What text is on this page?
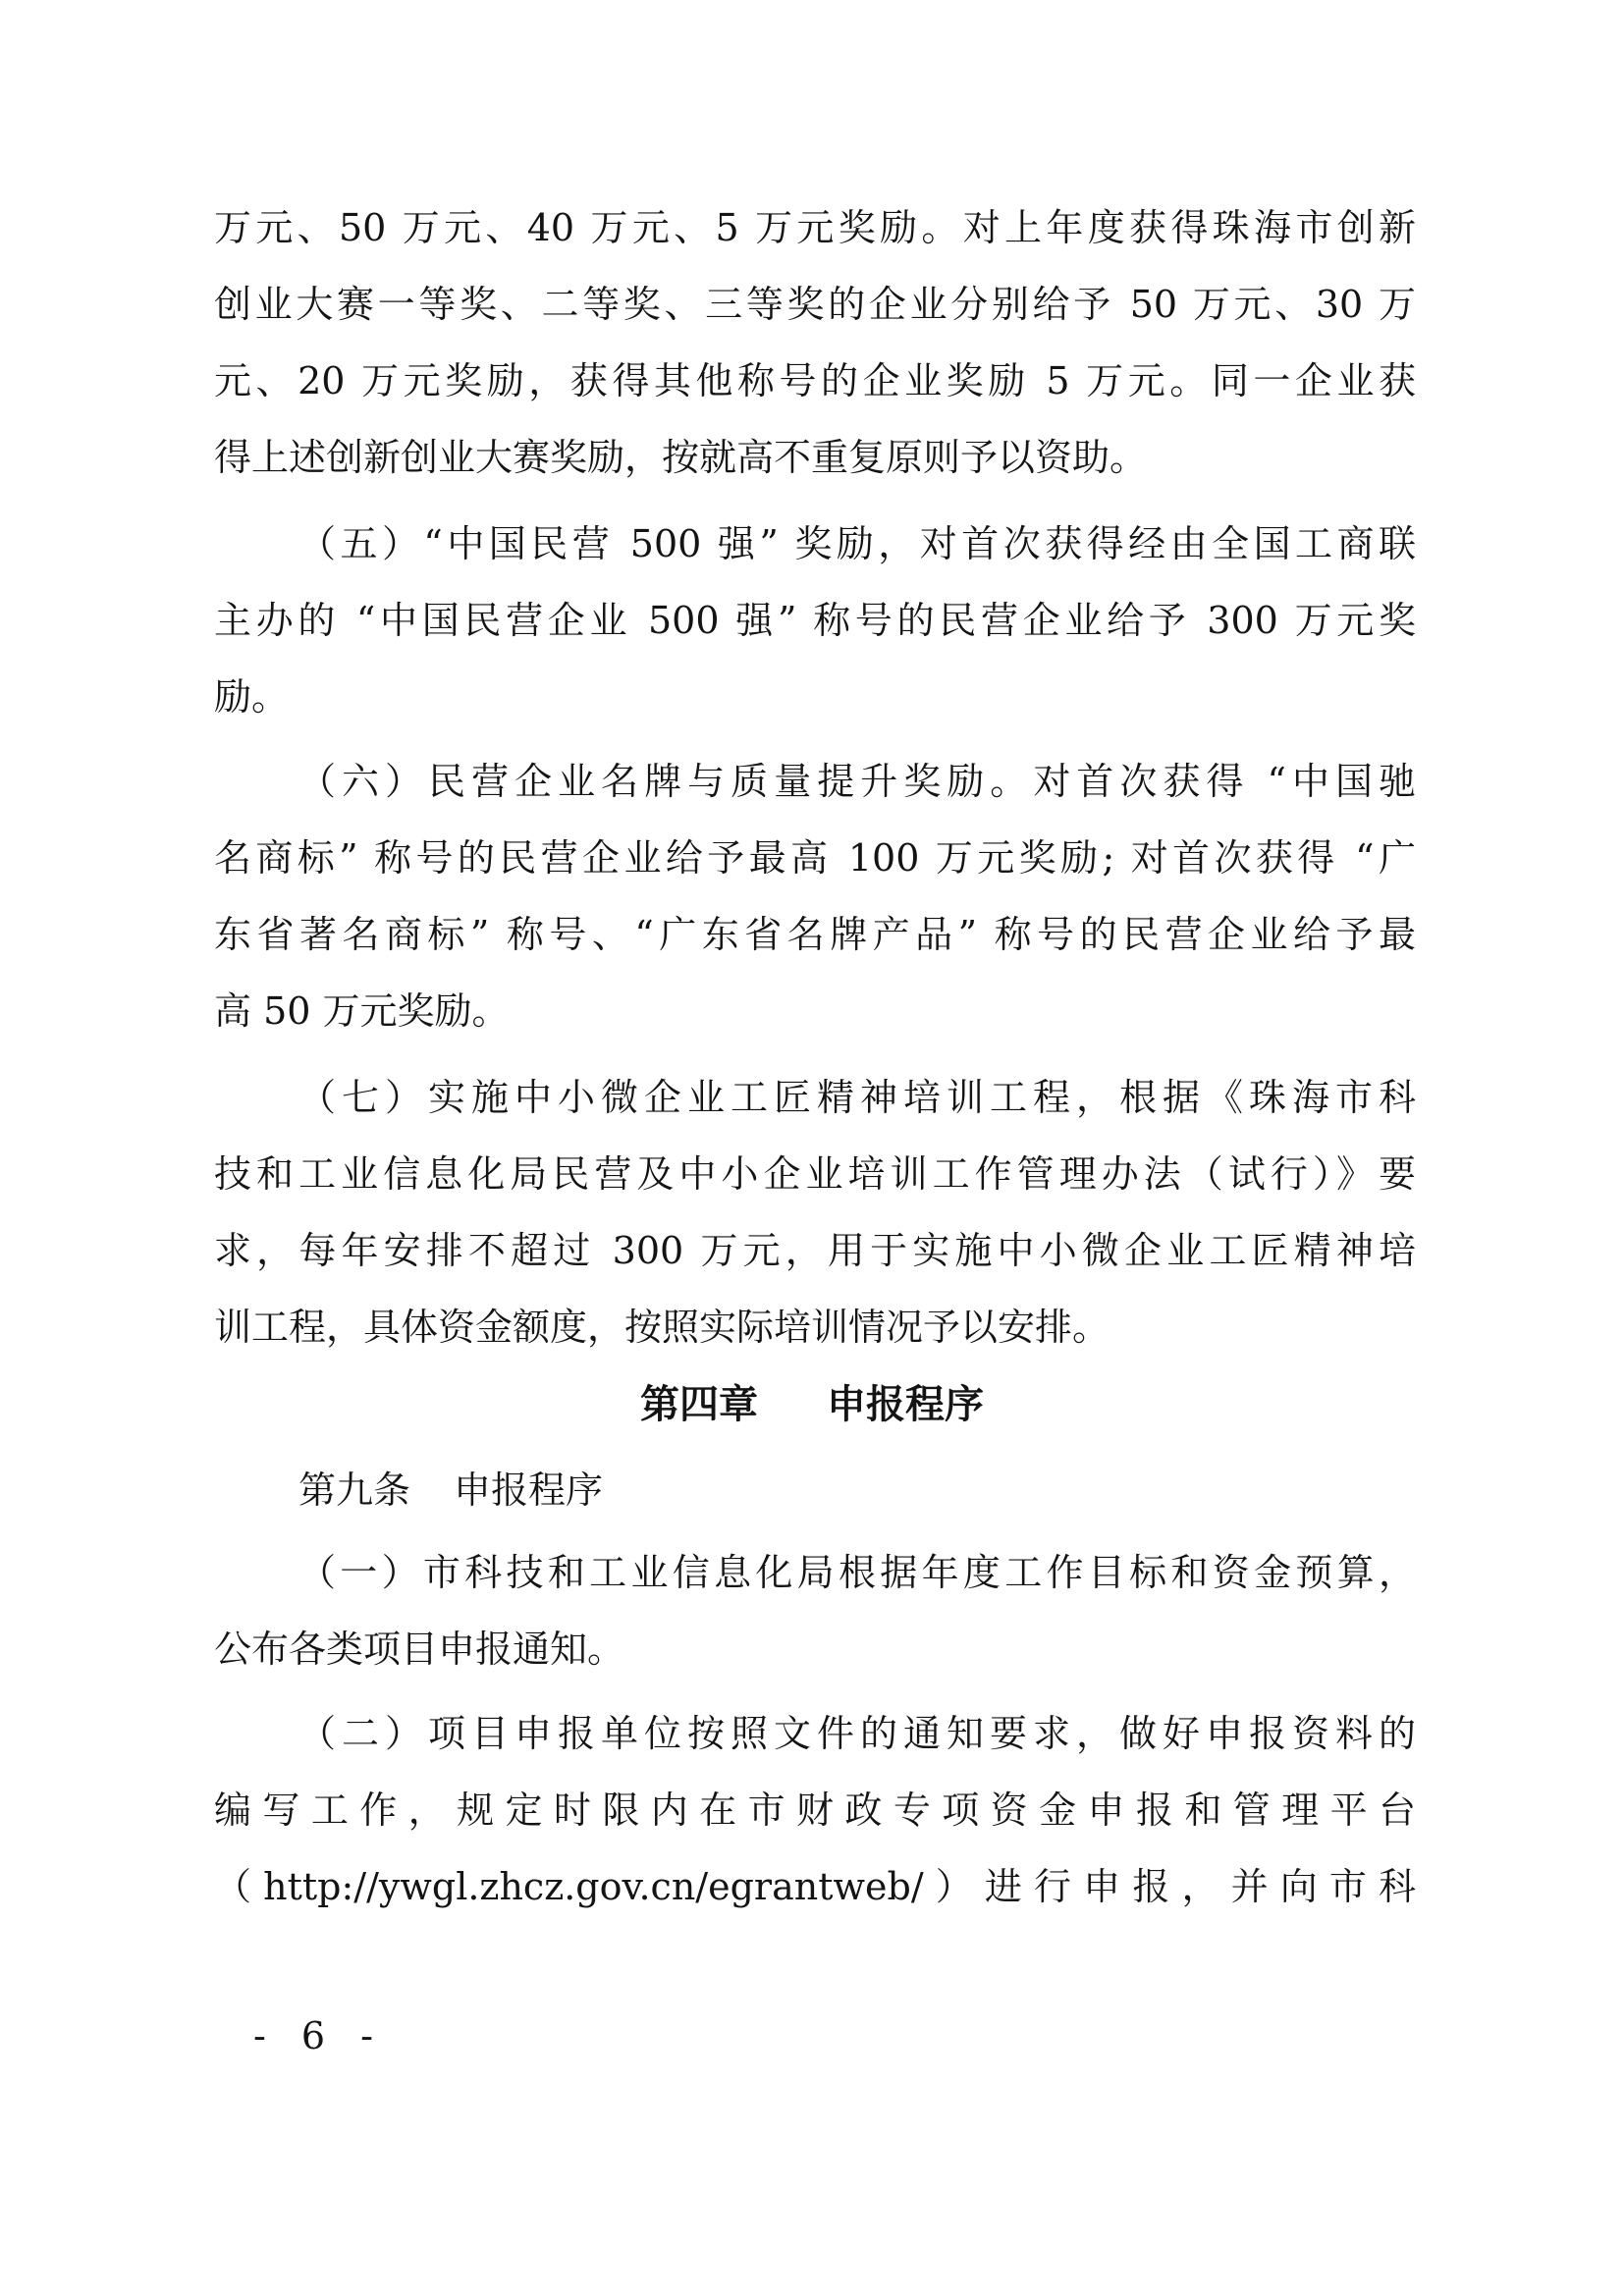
万元、50 万元、40 万元、5 万元奖励。对上年度获得珠海市创新
创业大赛一等奖、二等奖、三等奖的企业分别给予 50 万元、30 万
元、20 万元奖励，获得其他称号的企业奖励 5 万元。同一企业获
得上述创新创业大赛奖励，按就高不重复原则予以资助。
（五）“中国民营 500 强” 奖励，对首次获得经由全国工商联
主办的 “中国民营企业 500 强” 称号的民营企业给予 300 万元奖
励。
（六）民营企业名牌与质量提升奖励。对首次获得 “中国驰
名商标” 称号的民营企业给予最高 100 万元奖励; 对首次获得 “广
东省著名商标” 称号、“广东省名牌产品” 称号的民营企业给予最
高 50 万元奖励。
（七）实施中小微企业工匠精神培训工程，根据《珠海市科
技和工业信息化局民营及中小企业培训工作管理办法（试行）》要
求，每年安排不超过 300 万元，用于实施中小微企业工匠精神培
训工程，具体资金额度，按照实际培训情况予以安排。
第四章 申报程序
第九条 申报程序
（一）市科技和工业信息化局根据年度工作目标和资金预算，
公布各类项目申报通知。
（二）项目申报单位按照文件的通知要求，做好申报资料的
编写工作，规定时限内在市财政专项资金申报和管理平台
（http://ywgl.zhcz.gov.cn/egrantweb/）进行申报，并向市科
- 6 -
